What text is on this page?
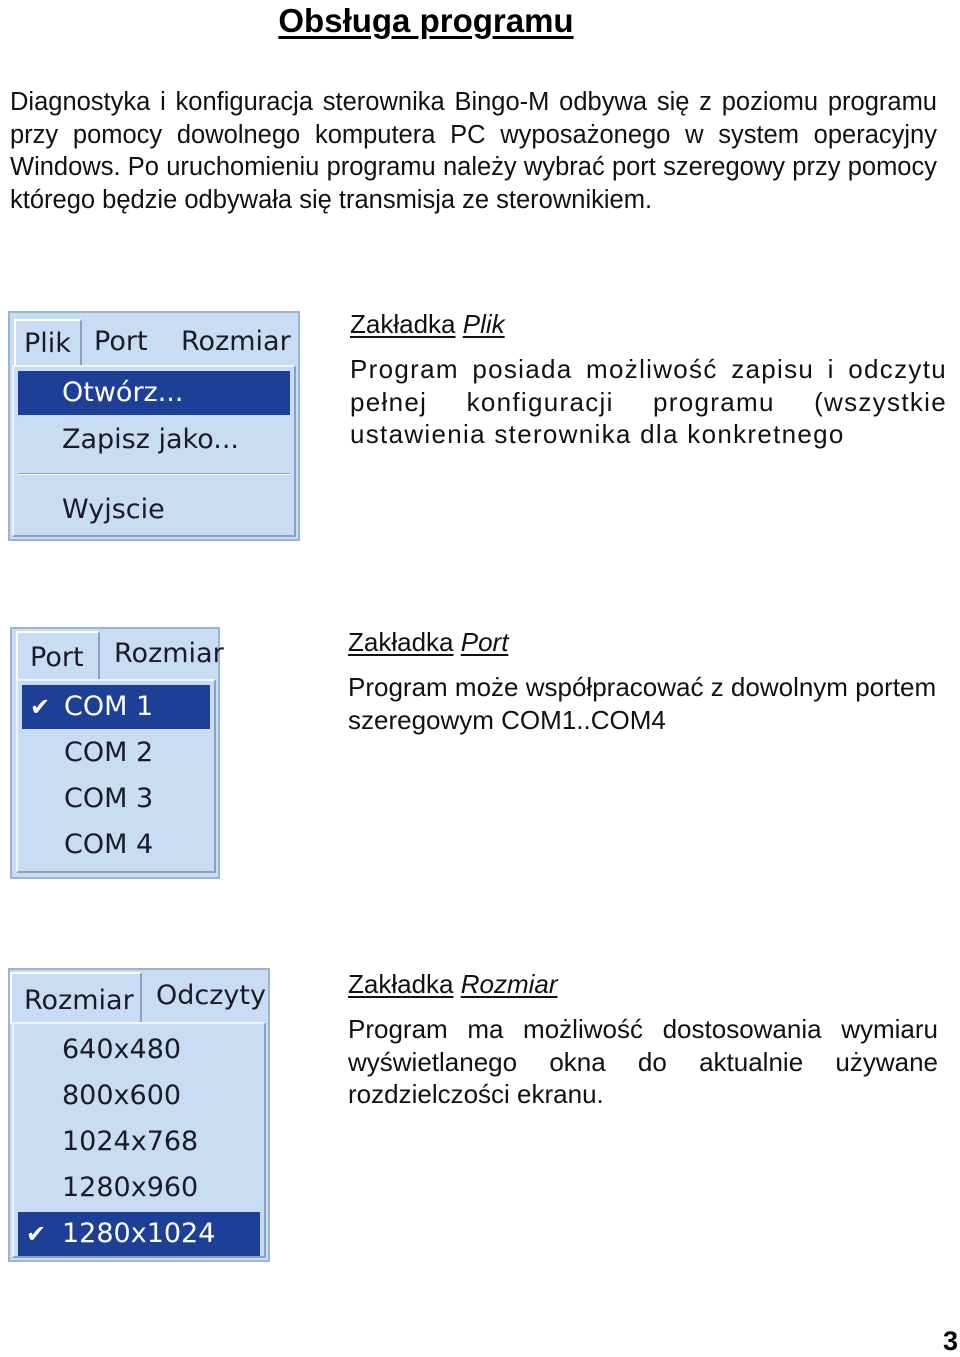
Obsługa programu

Diagnostyka i konfiguracja sterownika Bingo-M odbywa się z poziomu programu przy pomocy dowolnego komputera PC wyposażonego w system operacyjny Windows. Po uruchomieniu programu należy wybrać port szeregowy przy pomocy którego będzie odbywała się transmisja ze sterownikiem.

Plik Port Rozmiar
Otwórz...
Zapisz jako...
Wyjscie

Zakładka Plik

Program posiada możliwość zapisu i odczytu pełnej konfiguracji programu (wszystkie ustawienia sterownika dla konkretnego

Port Rozmiar
✔ COM 1
COM 2
COM 3
COM 4

Zakładka Port

Program może współpracować z dowolnym portem szeregowym COM1..COM4

Rozmiar Odczyty
640x480
800x600
1024x768
1280x960
✔ 1280x1024

Zakładka Rozmiar

Program ma możliwość dostosowania wymiaru wyświetlanego okna do aktualnie używane rozdzielczości ekranu.

3
